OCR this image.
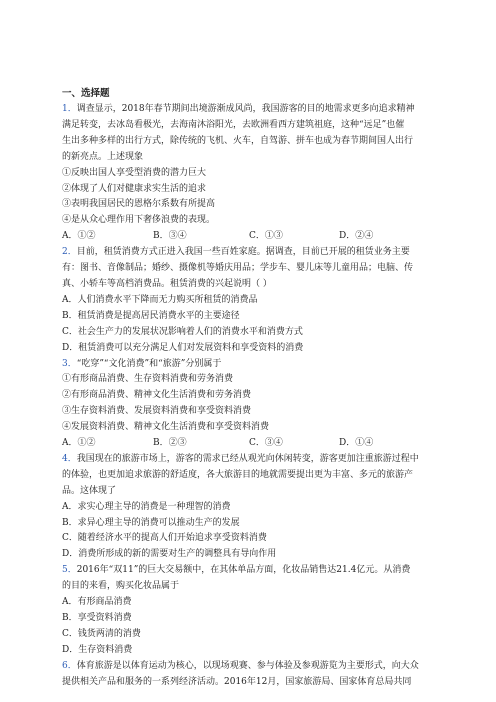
一、选择题
1．调查显示，2018年春节期间出境游渐成风尚，我国游客的目的地需求更多向追求精神
满足转变，去冰岛看极光，去海南沐浴阳光，去欧洲看西方建筑祖庭，这种“远足”也催
生出多种多样的出行方式，除传统的飞机、火车，自驾游、拼车也成为春节期间国人出行
的新亮点。上述现象
①反映出国人享受型消费的潜力巨大
②体现了人们对健康求实生活的追求
③表明我国居民的恩格尔系数有所提高
④是从众心理作用下奢侈浪费的表现。
A．①②	B．③④	C．①③	D．②④
2．目前，租赁消费方式正进入我国一些百姓家庭。据调查，目前已开展的租赁业务主要
有：图书、音像制品；婚纱、摄像机等婚庆用品；学步车、婴儿床等儿童用品；电脑、传
真、小轿车等高档消费品。租赁消费的兴起说明（ ）
A．人们消费水平下降而无力购买所租赁的消费品
B．租赁消费是提高居民消费水平的主要途径
C．社会生产力的发展状况影响着人们的消费水平和消费方式
D．租赁消费可以充分满足人们对发展资料和享受资料的消费
3．“吃穿”“文化消费”和“旅游”分别属于
①有形商品消费、生存资料消费和劳务消费
②有形商品消费、精神文化生活消费和劳务消费
③生存资料消费、发展资料消费和享受资料消费
④发展资料消费、精神文化生活消费和享受资料消费
A．①②	B．②③	C．③④	D．①④
4．我国现在的旅游市场上，游客的需求已经从观光向休闲转变，游客更加注重旅游过程中
的体验，也更加追求旅游的舒适度，各大旅游目的地就需要提出更为丰富、多元的旅游产
品。这体现了
A．求实心理主导的消费是一种理智的消费
B．求异心理主导的消费可以推动生产的发展
C．随着经济水平的提高人们开始追求享受资料消费
D．消费所形成的新的需要对生产的调整具有导向作用
5．2016年“双11”的巨大交易额中，在其体单品方面，化妆品销售达21.4亿元。从消费
的目的来看，购买化妆品属于
A．有形商品消费
B．享受资料消费
C．钱货两清的消费
D．生存资料消费
6．体育旅游是以体育运动为核心，以现场观赛、参与体验及参观游览为主要形式，向大众
提供相关产品和服务的一系列经济活动。2016年12月，国家旅游局、国家体育总局共同
